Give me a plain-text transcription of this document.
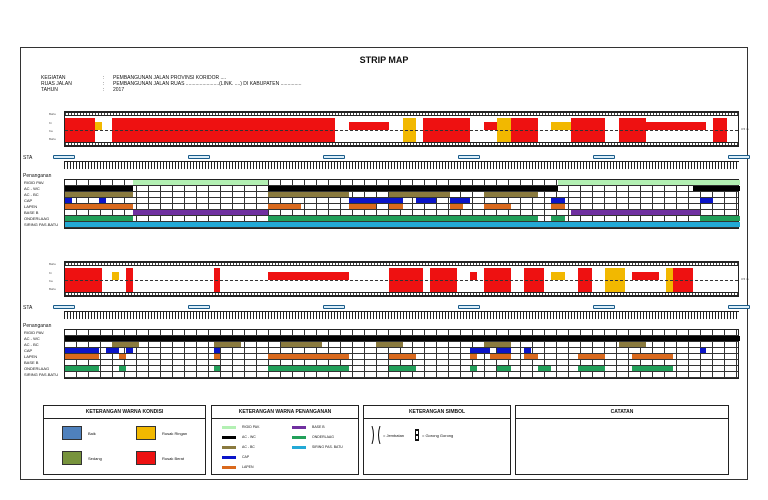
STRIP MAP
KEGIATAN	:	PEMBANGUNAN JALAN PROVINSI KORIDOR ....
RUAS JALAN	:	PEMBANGUNAN JALAN RUAS ........................(LINK. ....) DI KABUPATEN ...............
TAHUN	:	2017
Bahu
Ki
Ka
Bahu
3.5 m
STA
Penanganan
RIGID PAV.
AC - WC
AC - BC
CAP
LAPEN
BASE B
ONDERLAAG
SIRING PAS.BATU
Bahu
Ki
Ka
Bahu
3.5 m
STA
Penanganan
RIGID PAV.
AC - WC
AC - BC
CAP
LAPEN
BASE B
ONDERLAAG
SIRING PAS.BATU
KETERANGAN WARNA KONDISI
Baik	Rusak Ringan
Sedang	Rusak Berat
KETERANGAN WARNA PENANGANAN
RIGID PAV.	BASE B
AC - WC	ONDERLAAG
AC - BC	SIRING PAS. BATU
CAP
LAPEN
KETERANGAN SIMBOL
= Jembatan	= Gorong Gorong
CATATAN
